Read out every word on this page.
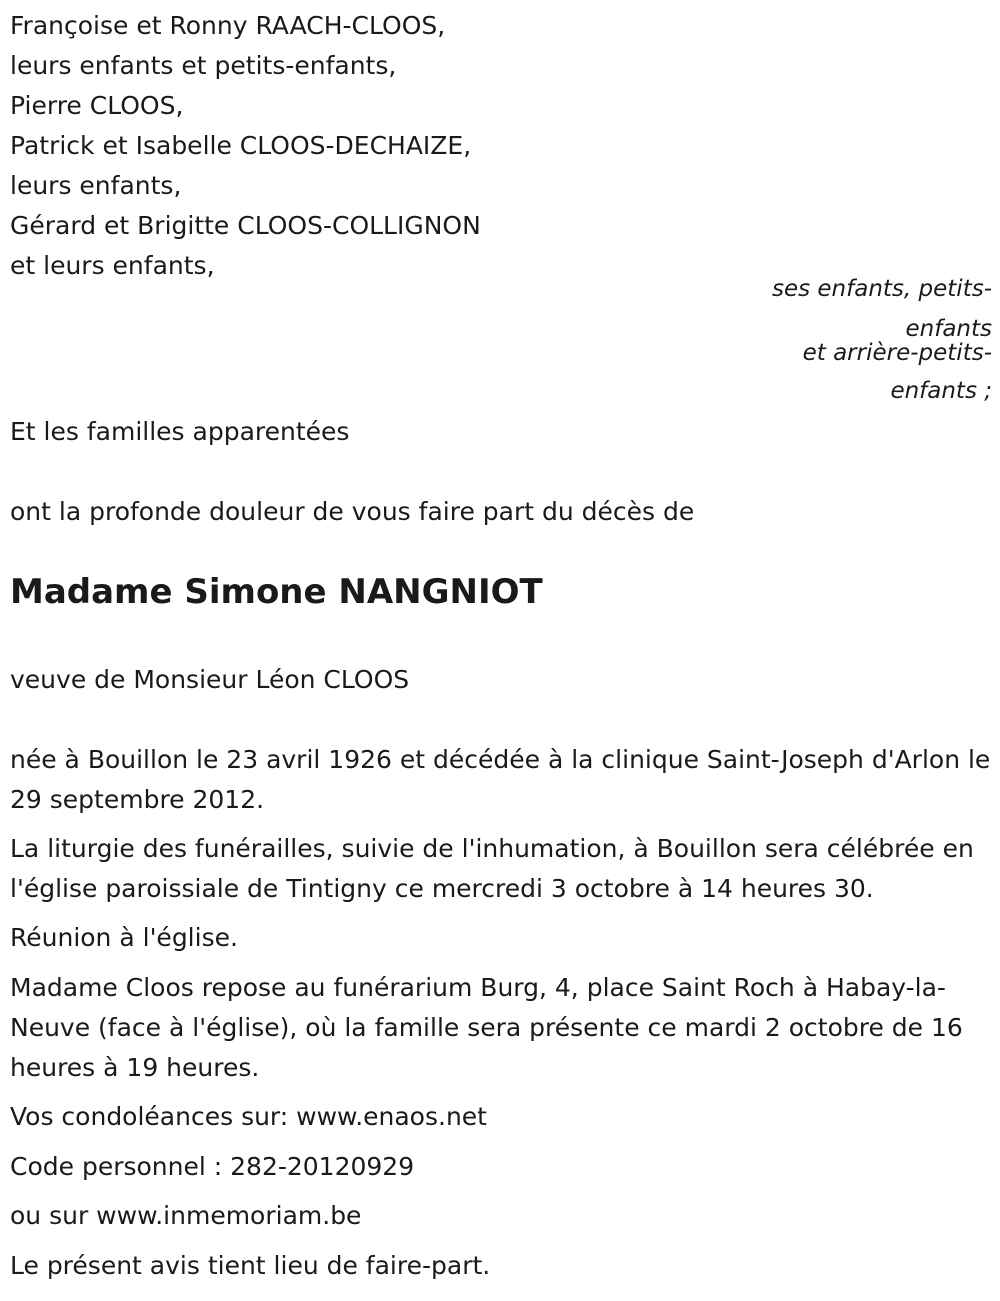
Françoise et Ronny RAACH-CLOOS,
leurs enfants et petits-enfants,
Pierre CLOOS,
Patrick et Isabelle CLOOS-DECHAIZE,
leurs enfants,
Gérard et Brigitte CLOOS-COLLIGNON
et leurs enfants,
ses enfants, petits-
enfants
et arrière-petits-
enfants ;
Et les familles apparentées
ont la profonde douleur de vous faire part du décès de
Madame Simone NANGNIOT
veuve de Monsieur Léon CLOOS
née à Bouillon le 23 avril 1926 et décédée à la clinique Saint-Joseph d'Arlon le 29 septembre 2012.
La liturgie des funérailles, suivie de l'inhumation, à Bouillon sera célébrée en l'église paroissiale de Tintigny ce mercredi 3 octobre à 14 heures 30.
Réunion à l'église.
Madame Cloos repose au funérarium Burg, 4, place Saint Roch à Habay-la-Neuve (face à l'église), où la famille sera présente ce mardi 2 octobre de 16 heures à 19 heures.
Vos condoléances sur: www.enaos.net
Code personnel : 282-20120929
ou sur www.inmemoriam.be
Le présent avis tient lieu de faire-part.
